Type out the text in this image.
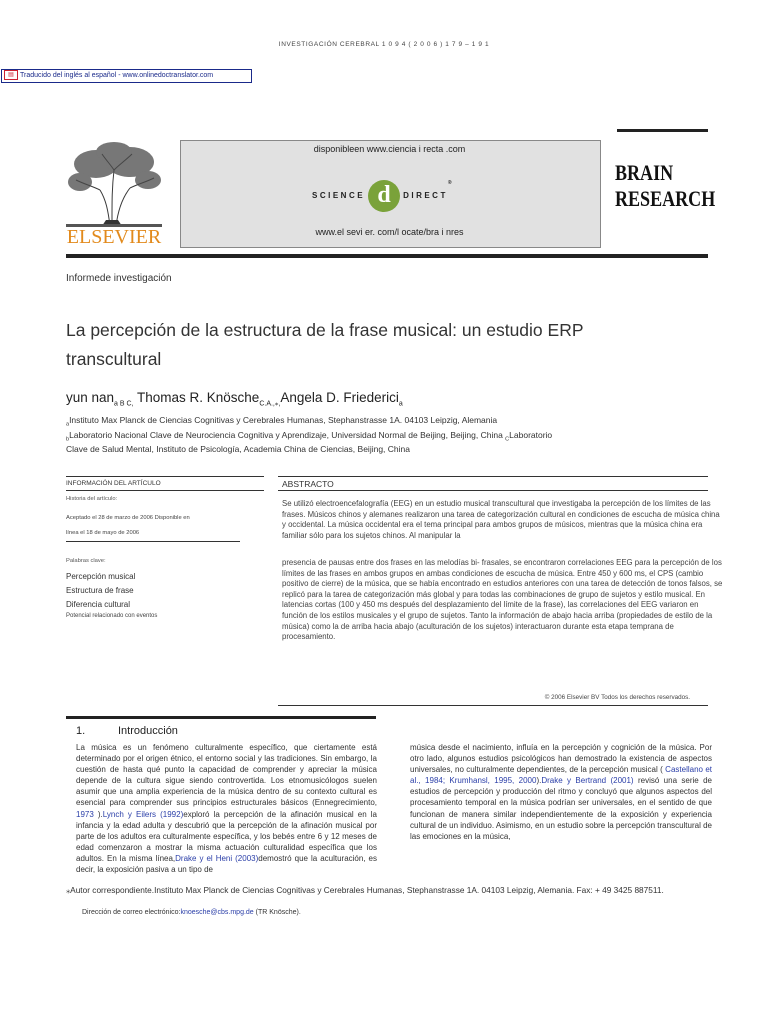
INVESTIGACIÓN CEREBRAL 1 0 9 4 ( 2 0 0 6 ) 1 7 9 – 1 9 1
▤ Traducido del inglés al español - www.onlinedoctranslator.com
ELSEVIER
disponibleen www.ciencia i recta .com
SCIENCE d DIRECT®
www.el sevi er. com/l ocate/bra i nres
BRAIN
RESEARCH
Informede investigación
La percepción de la estructura de la frase musical: un estudio ERP
transcultural
yun nan$_{a B C,}$ Thomas R. Knösche$_{C.A.,⁎,}$Angela D. Friederici$_a$
$_a$Instituto Max Planck de Ciencias Cognitivas y Cerebrales Humanas, Stephanstrasse 1A. 04103 Leipzig, Alemania
$_b$Laboratorio Nacional Clave de Neurociencia Cognitiva y Aprendizaje, Universidad Normal de Beijing, Beijing, China $_C$Laboratorio
Clave de Salud Mental, Instituto de Psicología, Academia China de Ciencias, Beijing, China
INFORMACIÓN DEL ARTÍCULO
Historia del artículo:
Aceptado el 28 de marzo de 2006 Disponible en
línea el 18 de mayo de 2006
Palabras clave:
Percepción musical
Estructura de frase
Diferencia cultural
Potencial relacionado con eventos
ABSTRACTO
Se utilizó electroencefalografía (EEG) en un estudio musical transcultural que investigaba la percepción de los límites de las frases. Músicos chinos y alemanes realizaron una tarea de categorización cultural en condiciones de escucha de música china y occidental. La música occidental era el tema principal para ambos grupos de músicos, mientras que la música china era familiar sólo para los sujetos chinos. Al manipular la
presencia de pausas entre dos frases en las melodías bi- frasales, se encontraron correlaciones EEG para la percepción de los límites de las frases en ambos grupos en ambas condiciones de escucha de música. Entre 450 y 600 ms, el CPS (cambio positivo de cierre) de la música, que se había encontrado en estudios anteriores con una tarea de detección de tonos falsos, se replicó para la tarea de categorización más global y para todas las combinaciones de grupo de sujetos y estilo musical. En latencias cortas (100 y 450 ms después del desplazamiento del límite de la frase), las correlaciones del EEG variaron en función de los estilos musicales y el grupo de sujetos. Tanto la información de abajo hacia arriba (propiedades de estilo de la música) como la de arriba hacia abajo (aculturación de los sujetos) interactuaron durante esta etapa temprana de procesamiento.
© 2006 Elsevier BV Todos los derechos reservados.
1.	Introducción
La música es un fenómeno culturalmente específico, que ciertamente está determinado por el origen étnico, el entorno social y las tradiciones. Sin embargo, la cuestión de hasta qué punto la capacidad de comprender y apreciar la música depende de la cultura sigue siendo controvertida. Los etnomusicólogos suelen asumir que una amplia experiencia de la música dentro de su contexto cultural es esencial para comprender sus principios estructurales básicos (Ennegrecimiento, 1973 ).Lynch y Eilers (1992)exploró la percepción de la afinación musical en la infancia y la edad adulta y descubrió que la percepción de la afinación musical por parte de los adultos era culturalmente específica, y los bebés entre 6 y 12 meses de edad comenzaron a mostrar la misma actuación culturalidad específica que los adultos. En la misma línea,Drake y el Heni (2003)demostró que la aculturación, es decir, la exposición pasiva a un tipo de
música desde el nacimiento, influía en la percepción y cognición de la música. Por otro lado, algunos estudios psicológicos han demostrado la existencia de aspectos universales, no culturalmente dependientes, de la percepción musical ( Castellano et al., 1984; Krumhansl, 1995, 2000).Drake y Bertrand (2001) revisó una serie de estudios de percepción y producción del ritmo y concluyó que algunos aspectos del procesamiento temporal en la música podrían ser universales, en el sentido de que funcionan de manera similar independientemente de la exposición y experiencia cultural de un individuo. Asimismo, en un estudio sobre la percepción transcultural de las emociones en la música,
⁎Autor correspondiente.Instituto Max Planck de Ciencias Cognitivas y Cerebrales Humanas, Stephanstrasse 1A. 04103 Leipzig, Alemania. Fax: + 49 3425 887511.
Dirección de correo electrónico:knoesche@cbs.mpg.de (TR Knösche).
